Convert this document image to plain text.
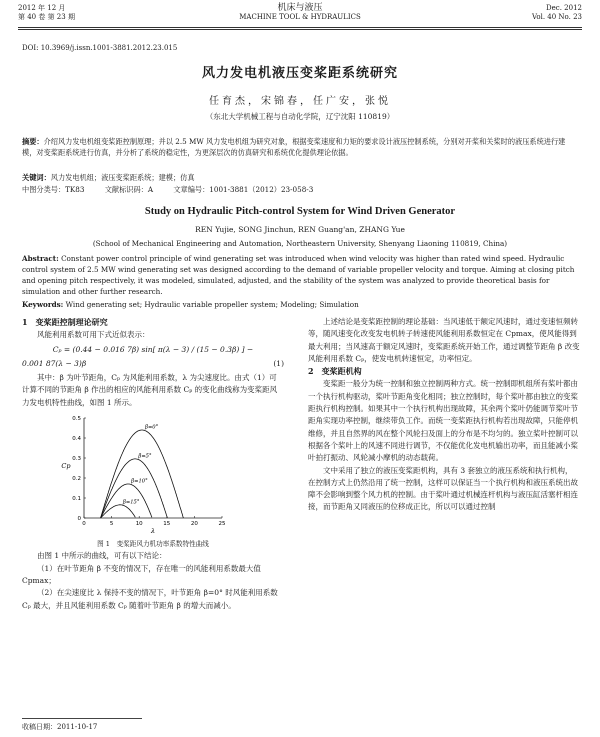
2012 年 12 月
第 40 卷 第 23 期
机床与液压
MACHINE TOOL & HYDRAULICS
Dec. 2012
Vol. 40 No. 23
DOI: 10.3969/j.issn.1001-3881.2012.23.015
风力发电机液压变桨距系统研究
任育杰，宋锦春，任广安，张悦
（东北大学机械工程与自动化学院，辽宁沈阳 110819）
摘要：介绍风力发电机组变桨距控制原理；并以 2.5 MW 风力发电机组为研究对象，根据变桨速度和力矩的要求设计液压控制系统，分别对开桨和关桨时的液压系统进行建模，对变桨距系统进行仿真，并分析了系统的稳定性，为更深层次的仿真研究和系统优化提供理论依据。
关键词：风力发电机组；液压变桨距系统；建模；仿真
中图分类号：TK83	文献标识码：A	文章编号：1001-3881（2012）23-058-3
Study on Hydraulic Pitch-control System for Wind Driven Generator
REN Yujie, SONG Jinchun, REN Guang'an, ZHANG Yue
(School of Mechanical Engineering and Automation, Northeastern University, Shenyang Liaoning 110819, China)
Abstract: Constant power control principle of wind generating set was introduced when wind velocity was higher than rated wind speed. Hydraulic control system of 2.5 MW wind generating set was designed according to the demand of variable propeller velocity and torque. Aiming at closing pitch and opening pitch respectively, it was modeled, simulated, adjusted, and the stability of the system was analyzed to provide theoretical basis for simulation and other further research.
Keywords: Wind generating set; Hydraulic variable propeller system; Modeling; Simulation
1　变桨距控制理论研究
风能利用系数可用下式近似表示：
Cₚ = (0.44 − 0.016 7β) sin[ π(λ − 3) / (15 − 0.3β) ] −
0.001 87(λ − 3)β	(1)
其中：β 为叶节距角，Cₚ 为风能利用系数，λ 为尖速度比。由式（1）可计算不同的节距角 β 作出的相应的风能利用系数 Cₚ 的变化曲线称为变桨距风力发电机特性曲线，如图 1 所示。
0	5	10	15	20	25
0
0.1
0.2
0.3
0.4
0.5
λ
Cp
β=0°
β=5°
β=10°
β=15°
图 1　变桨距风力机功率系数特性曲线
由图 1 中所示的曲线，可有以下结论：
（1）在叶节距角 β 不变的情况下，存在唯一的风能利用系数最大值 Cpmax；
（2）在尖速度比 λ 保持不变的情况下，叶节距角 β=0° 时风能利用系数 Cₚ 最大，并且风能利用系数 Cₚ 随着叶节距角 β 的增大而减小。
上述结论是变桨距控制的理论基础：当风速低于额定风速时，通过变速恒频转等，随风速变化改变发电机转子转速使风能利用系数恒定在 Cpmax，使风能得到最大利用；当风速高于额定风速时，变桨距系统开始工作，通过调整节距角 β 改变风能利用系数 Cₚ，使发电机转速恒定，功率恒定。
2　变桨距机构
变桨距一般分为统一控制和独立控制两种方式。统一控制即机组所有桨叶都由一个执行机构驱动，桨叶节距角变化相同；独立控制时，每个桨叶都由独立的变桨距执行机构控制。如果其中一个执行机构出现故障，其余两个桨叶仍能调节桨叶节距角实现功率控制，继续带负工作。而统一变桨距执行机构若出现故障，只能停机维修，并且自然界的风在整个风轮扫及面上的分布是不均匀的。独立桨叶控制可以根据各个桨叶上的风速不同进行调节，不仅能优化发电机输出功率，而且能减小桨叶拍打振动、风轮减小摩机的动态载荷。
文中采用了独立的液压变桨距机构，具有 3 套独立的液压系统和执行机构，在控制方式上仍然沿用了统一控制，这样可以保证当一个执行机构和液压系统出故障不会影响到整个风力机的控制。由于桨叶通过机械连杆机构与液压缸活塞杆相连接，而节距角又同液压的位移成正比，所以可以通过控制
收稿日期：2011-10-17
